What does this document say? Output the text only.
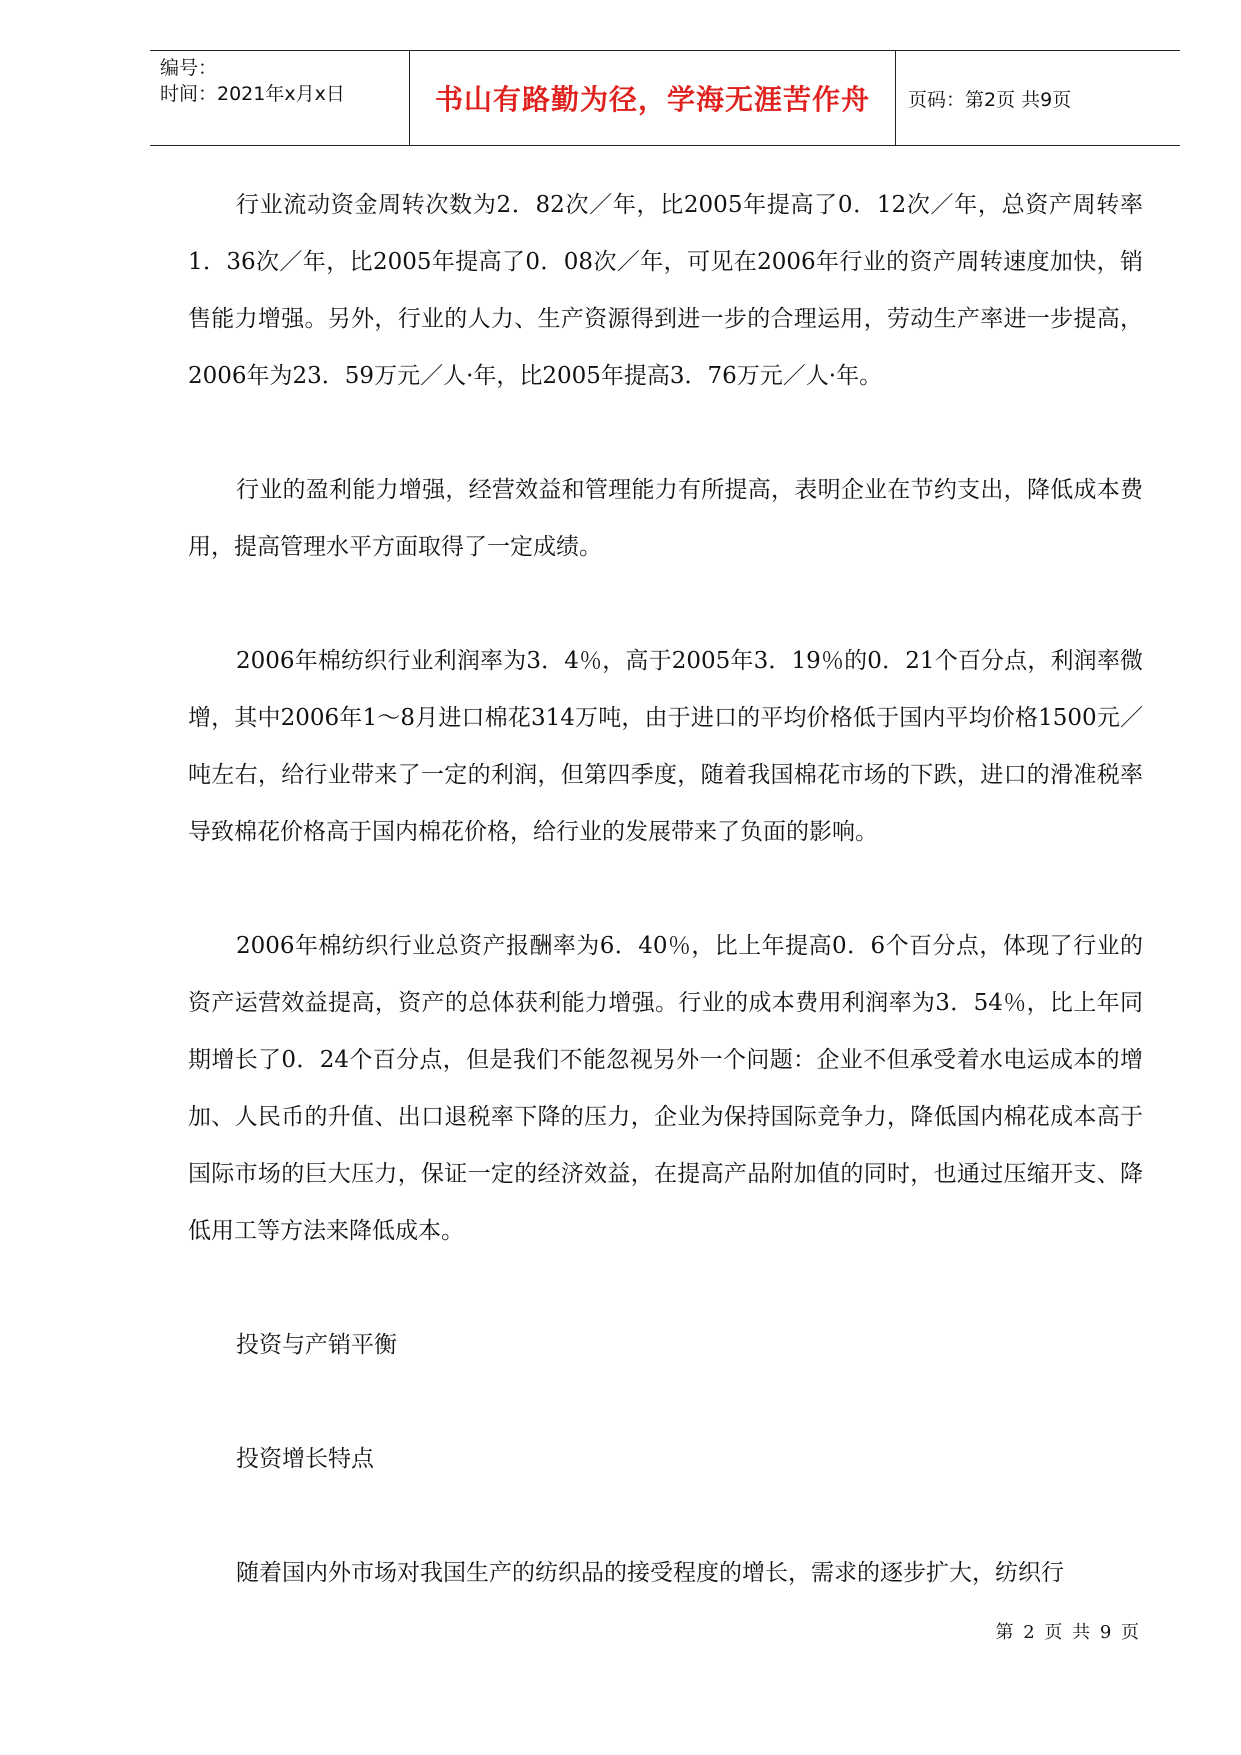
编号：
时间：2021年x月x日	书山有路勤为径，学海无涯苦作舟	页码：第2页 共9页

行业流动资金周转次数为2．82次／年，比2005年提高了0．12次／年，总资产周转率1．36次／年，比2005年提高了0．08次／年，可见在2006年行业的资产周转速度加快，销售能力增强。另外，行业的人力、生产资源得到进一步的合理运用，劳动生产率进一步提高，2006年为23．59万元／人·年，比2005年提高3．76万元／人·年。

行业的盈利能力增强，经营效益和管理能力有所提高，表明企业在节约支出，降低成本费用，提高管理水平方面取得了一定成绩。

2006年棉纺织行业利润率为3．4％，高于2005年3．19％的0．21个百分点，利润率微增，其中2006年1～8月进口棉花314万吨，由于进口的平均价格低于国内平均价格1500元／吨左右，给行业带来了一定的利润，但第四季度，随着我国棉花市场的下跌，进口的滑准税率导致棉花价格高于国内棉花价格，给行业的发展带来了负面的影响。

2006年棉纺织行业总资产报酬率为6．40％，比上年提高0．6个百分点，体现了行业的资产运营效益提高，资产的总体获利能力增强。行业的成本费用利润率为3．54％，比上年同期增长了0．24个百分点，但是我们不能忽视另外一个问题：企业不但承受着水电运成本的增加、人民币的升值、出口退税率下降的压力，企业为保持国际竞争力，降低国内棉花成本高于国际市场的巨大压力，保证一定的经济效益，在提高产品附加值的同时，也通过压缩开支、降低用工等方法来降低成本。

投资与产销平衡

投资增长特点

随着国内外市场对我国生产的纺织品的接受程度的增长，需求的逐步扩大，纺织行

第 2 页 共 9 页
